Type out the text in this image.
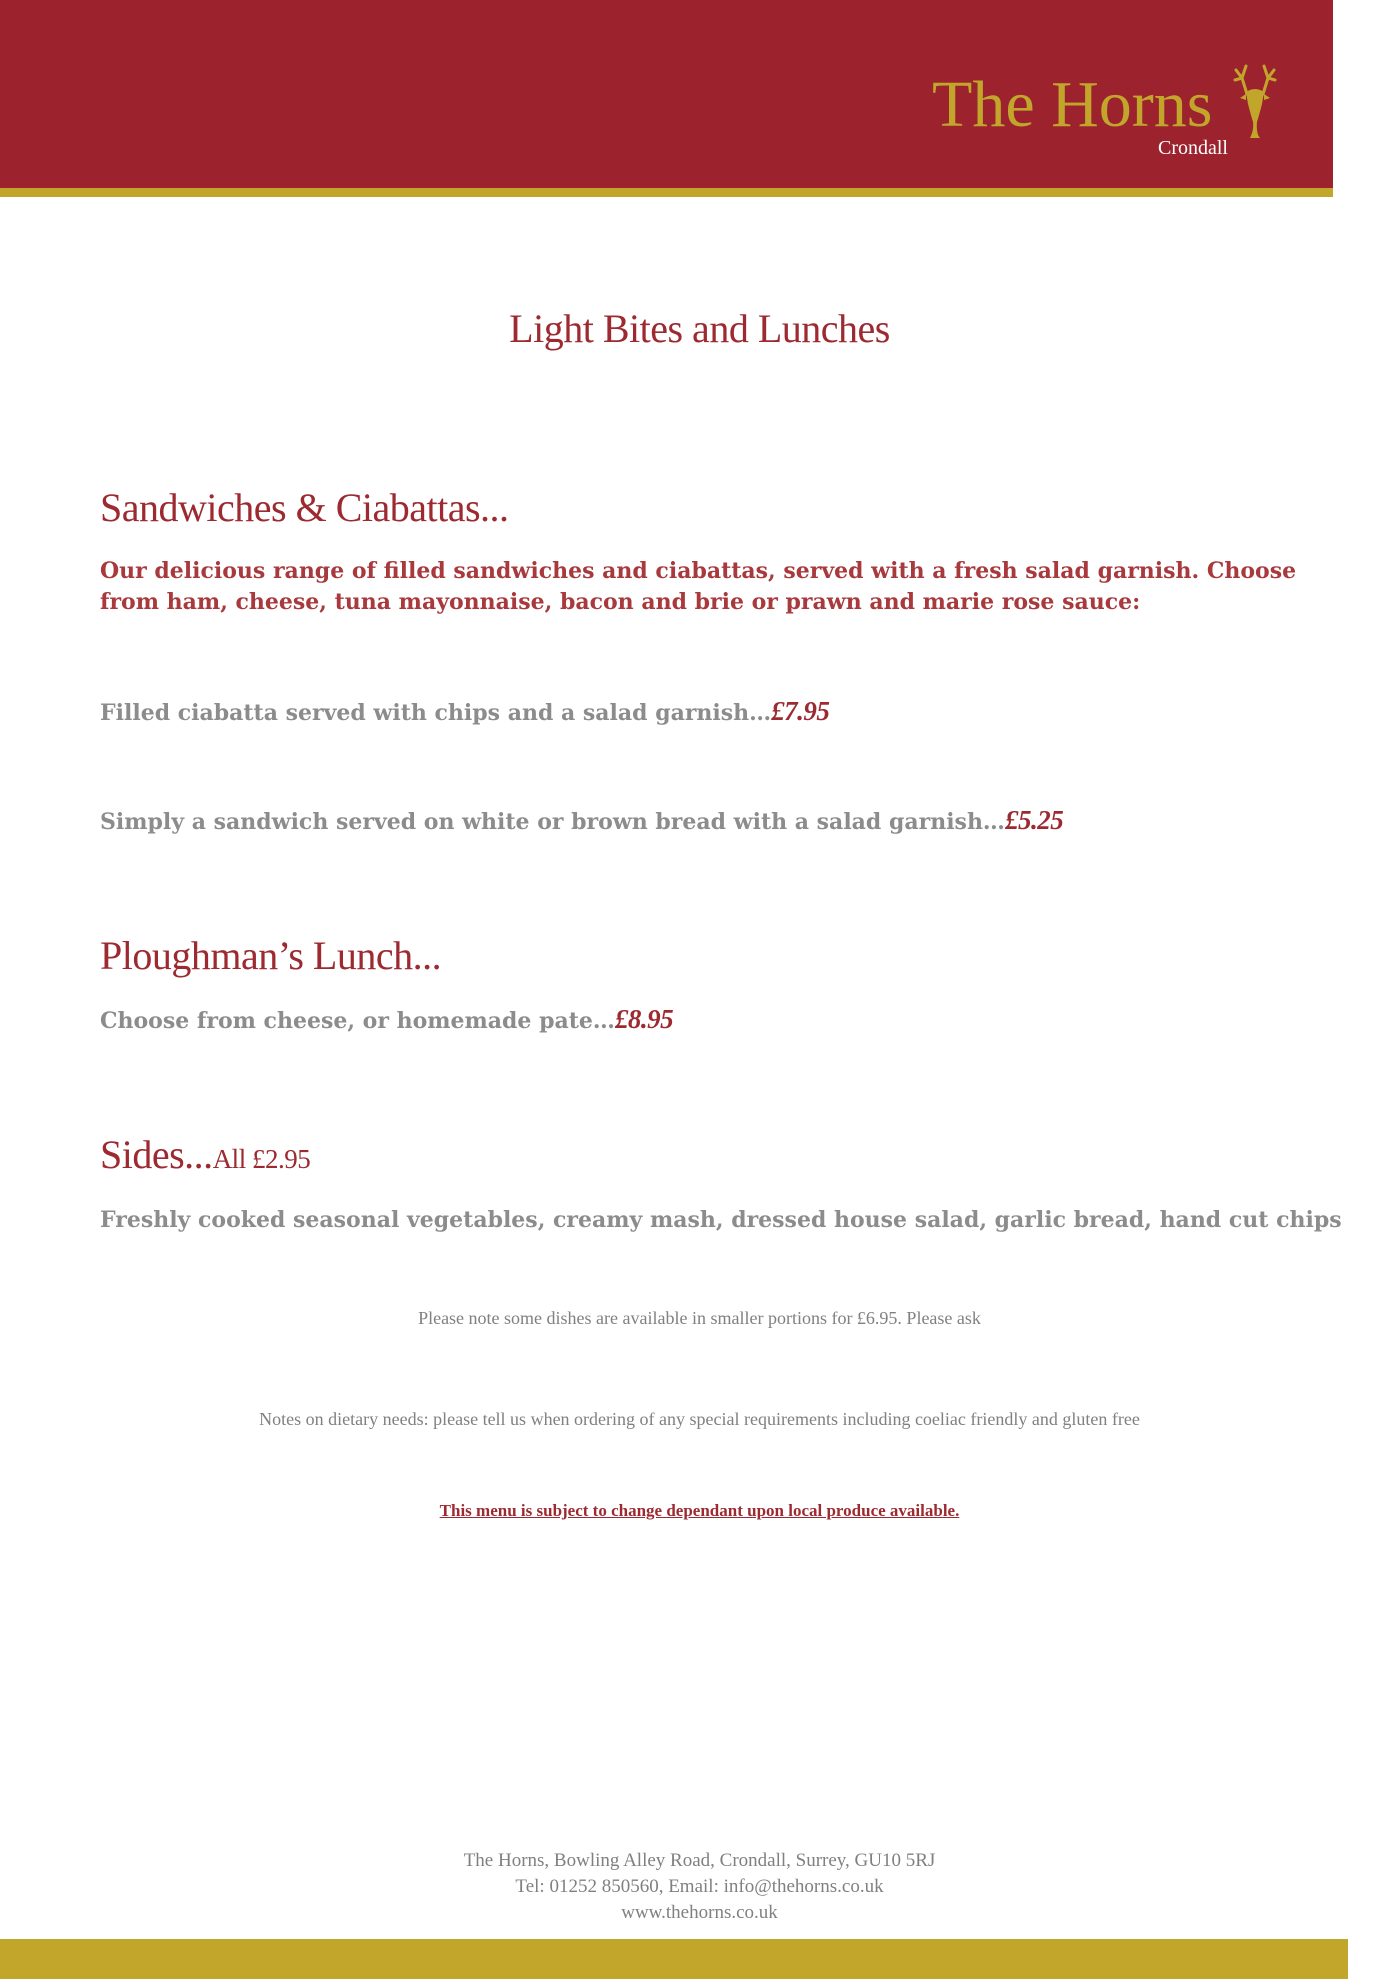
The Horns
Crondall
Light Bites and Lunches
Sandwiches & Ciabattas...
Our delicious range of filled sandwiches and ciabattas, served with a fresh salad garnish. Choose from ham, cheese, tuna mayonnaise, bacon and brie or prawn and marie rose sauce:
Filled ciabatta served with chips and a salad garnish…£7.95
Simply a sandwich served on white or brown bread with a salad garnish…£5.25
Ploughman’s Lunch...
Choose from cheese, or homemade pate…£8.95
Sides...All £2.95
Freshly cooked seasonal vegetables, creamy mash, dressed house salad, garlic bread, hand cut chips
Please note some dishes are available in smaller portions for £6.95. Please ask
Notes on dietary needs: please tell us when ordering of any special requirements including coeliac friendly and gluten free
This menu is subject to change dependant upon local produce available.
The Horns, Bowling Alley Road, Crondall, Surrey, GU10 5RJ
Tel: 01252 850560, Email: info@thehorns.co.uk
www.thehorns.co.uk
